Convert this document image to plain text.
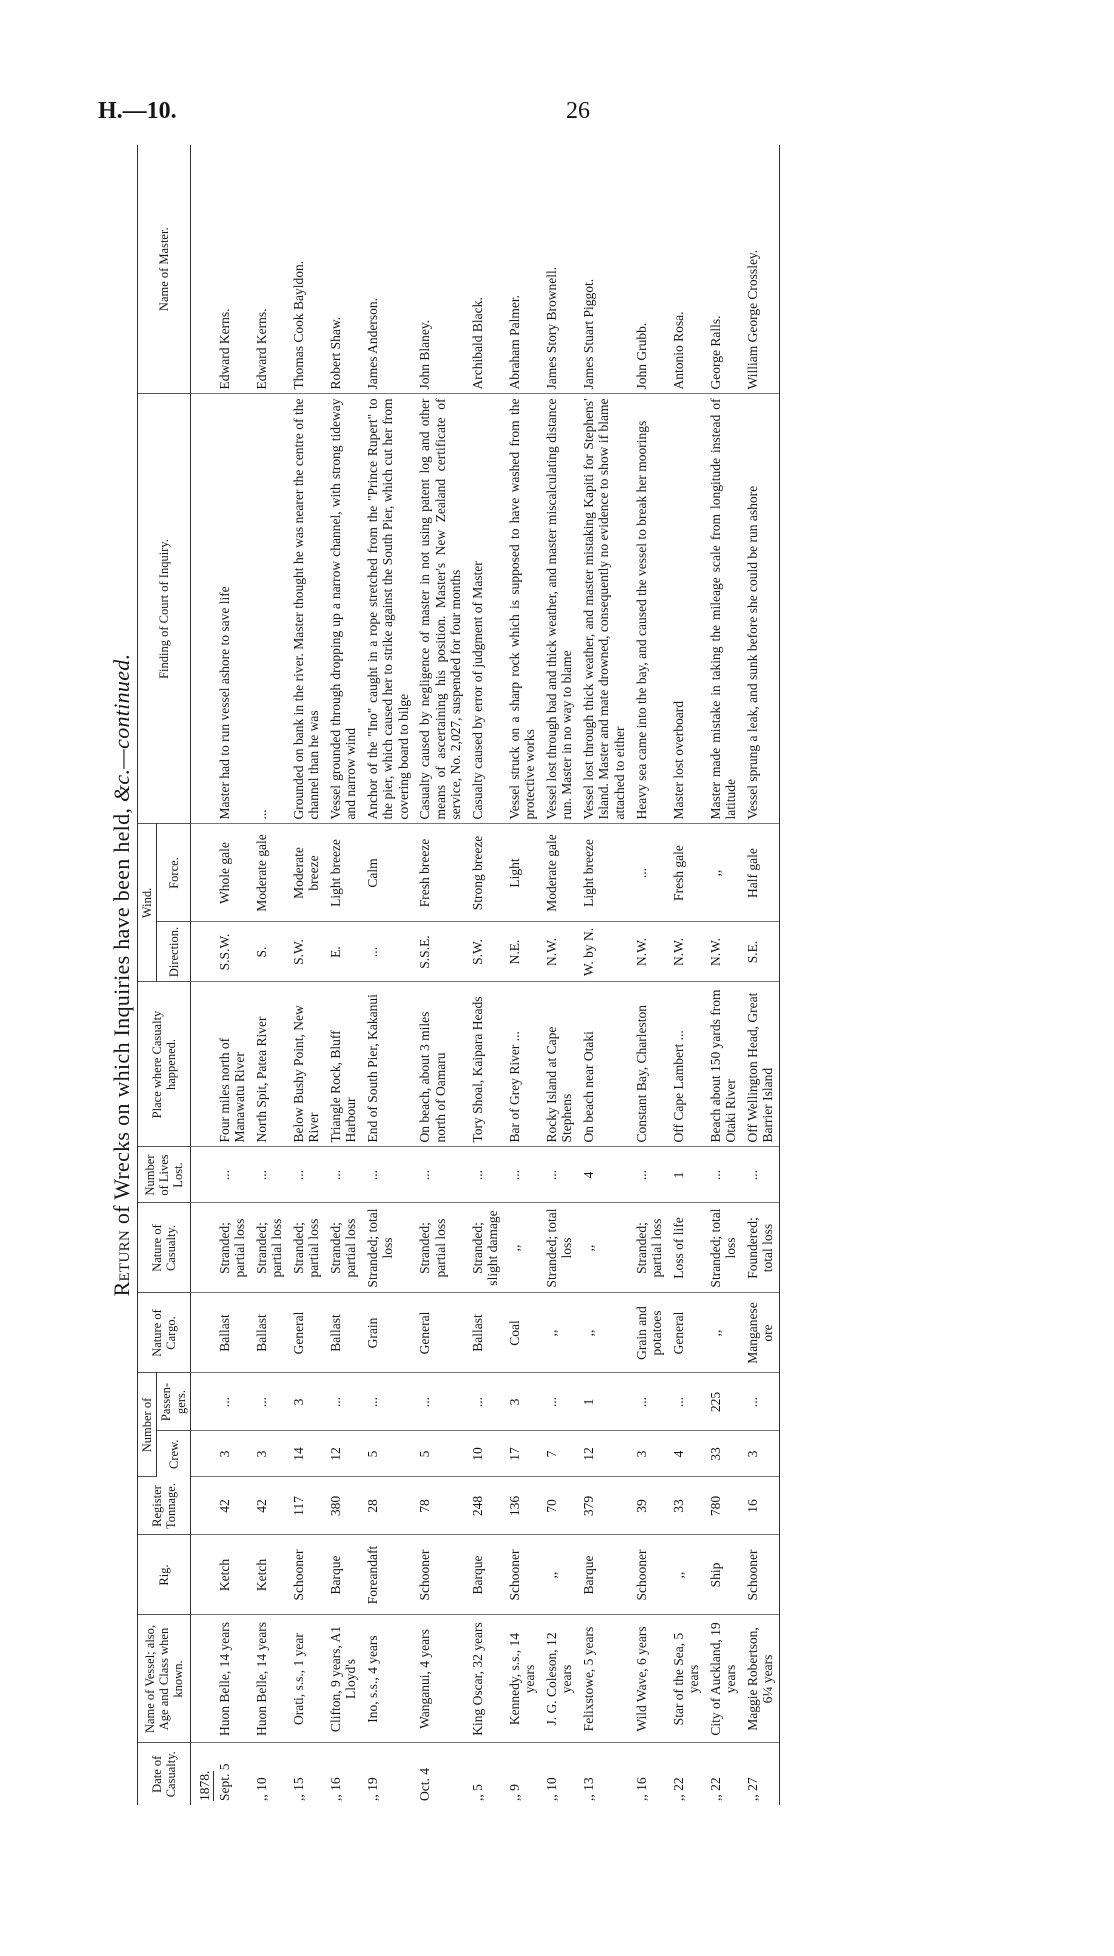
H.—10.	26
Return of Wrecks on which Inquiries have been held, &c.—continued.
Date of Casualty.	Name of Vessel; also, Age and Class when known.	Rig.	Register Tonnage.	Number of		Nature of Cargo.	Nature of Casualty.	Number of Lives Lost.	Place where Casualty happened.	Wind.		Finding of Court of Inquiry.	Name of Master.
				Crew.	Passen- gers.					Direction.	Force.		
1878.													
Sept. 5	Huon Belle, 14 years	Ketch	42	3	...	Ballast	Stranded; partial loss	...	Four miles north of Manawatu River	S.S.W.	Whole gale	Master had to run vessel ashore to save life	Edward Kerns.
,, 10	Huon Belle, 14 years	Ketch	42	3	...	Ballast	Stranded; partial loss	...	North Spit, Patea River	S.	Moderate gale	...	Edward Kerns.
,, 15	Orati, s.s., 1 year	Schooner	117	14	3	General	Stranded; partial loss	...	Below Bushy Point, New River	S.W.	Moderate breeze	Grounded on bank in the river. Master thought he was nearer the centre of the channel than he was	Thomas Cook Bayldon.
,, 16	Clifton, 9 years, A1 Lloyd's	Barque	380	12	...	Ballast	Stranded; partial loss	...	Triangle Rock, Bluff Harbour	E.	Light breeze	Vessel grounded through dropping up a narrow channel, with strong tideway and narrow wind	Robert Shaw.
,, 19	Ino, s.s., 4 years	Foreandaft	28	5	...	Grain	Stranded; total loss	...	End of South Pier, Kakanui	...	Calm	Anchor of the "Ino" caught in a rope stretched from the "Prince Rupert" to the pier, which caused her to strike against the South Pier, which cut her from covering board to bilge	James Anderson.
Oct. 4	Wanganui, 4 years	Schooner	78	5	...	General	Stranded; partial loss	...	On beach, about 3 miles north of Oamaru	S.S.E.	Fresh breeze	Casualty caused by negligence of master in not using patent log and other means of ascertaining his position. Master's New Zealand certificate of service, No. 2,027, suspended for four months	John Blaney.
,, 5	King Oscar, 32 years	Barque	248	10	...	Ballast	Stranded; slight damage	...	Tory Shoal, Kaipara Heads	S.W.	Strong breeze	Casualty caused by error of judgment of Master	Archibald Black.
,, 9	Kennedy, s.s., 14 years	Schooner	136	17	3	Coal	,,	...	Bar of Grey River ...	N.E.	Light	Vessel struck on a sharp rock which is supposed to have washed from the protective works	Abraham Palmer.
,, 10	J. G. Coleson, 12 years	,,	70	7	...	,,	Stranded; total loss	...	Rocky Island at Cape Stephens	N.W.	Moderate gale	Vessel lost through bad and thick weather, and master miscalculating distance run. Master in no way to blame	James Story Brownell.
,, 13	Felixstowe, 5 years	Barque	379	12	1	,,	,,	4	On beach near Otaki	W. by N.	Light breeze	Vessel lost through thick weather, and master mistaking Kapiti for Stephens' Island. Master and mate drowned, consequently no evidence to show if blame attached to either	James Stuart Piggot.
,, 16	Wild Wave, 6 years	Schooner	39	3	...	Grain and potatoes	Stranded; partial loss	...	Constant Bay, Charleston	N.W.	...	Heavy sea came into the bay, and caused the vessel to break her moorings	John Grubb.
,, 22	Star of the Sea, 5 years	,,	33	4	...	General	Loss of life	1	Off Cape Lambert ...	N.W.	Fresh gale	Master lost overboard	Antonio Rosa.
,, 22	City of Auckland, 19 years	Ship	780	33	225	,,	Stranded; total loss	...	Beach about 150 yards from Otaki River	N.W.	,,	Master made mistake in taking the mileage scale from longitude instead of latitude	George Ralls.
,, 27	Maggie Robertson, 6¼ years	Schooner	16	3	...	Manganese ore	Foundered; total loss	...	Off Wellington Head, Great Barrier Island	S.E.	Half gale	Vessel sprung a leak, and sunk before she could be run ashore	William George Crossley.
